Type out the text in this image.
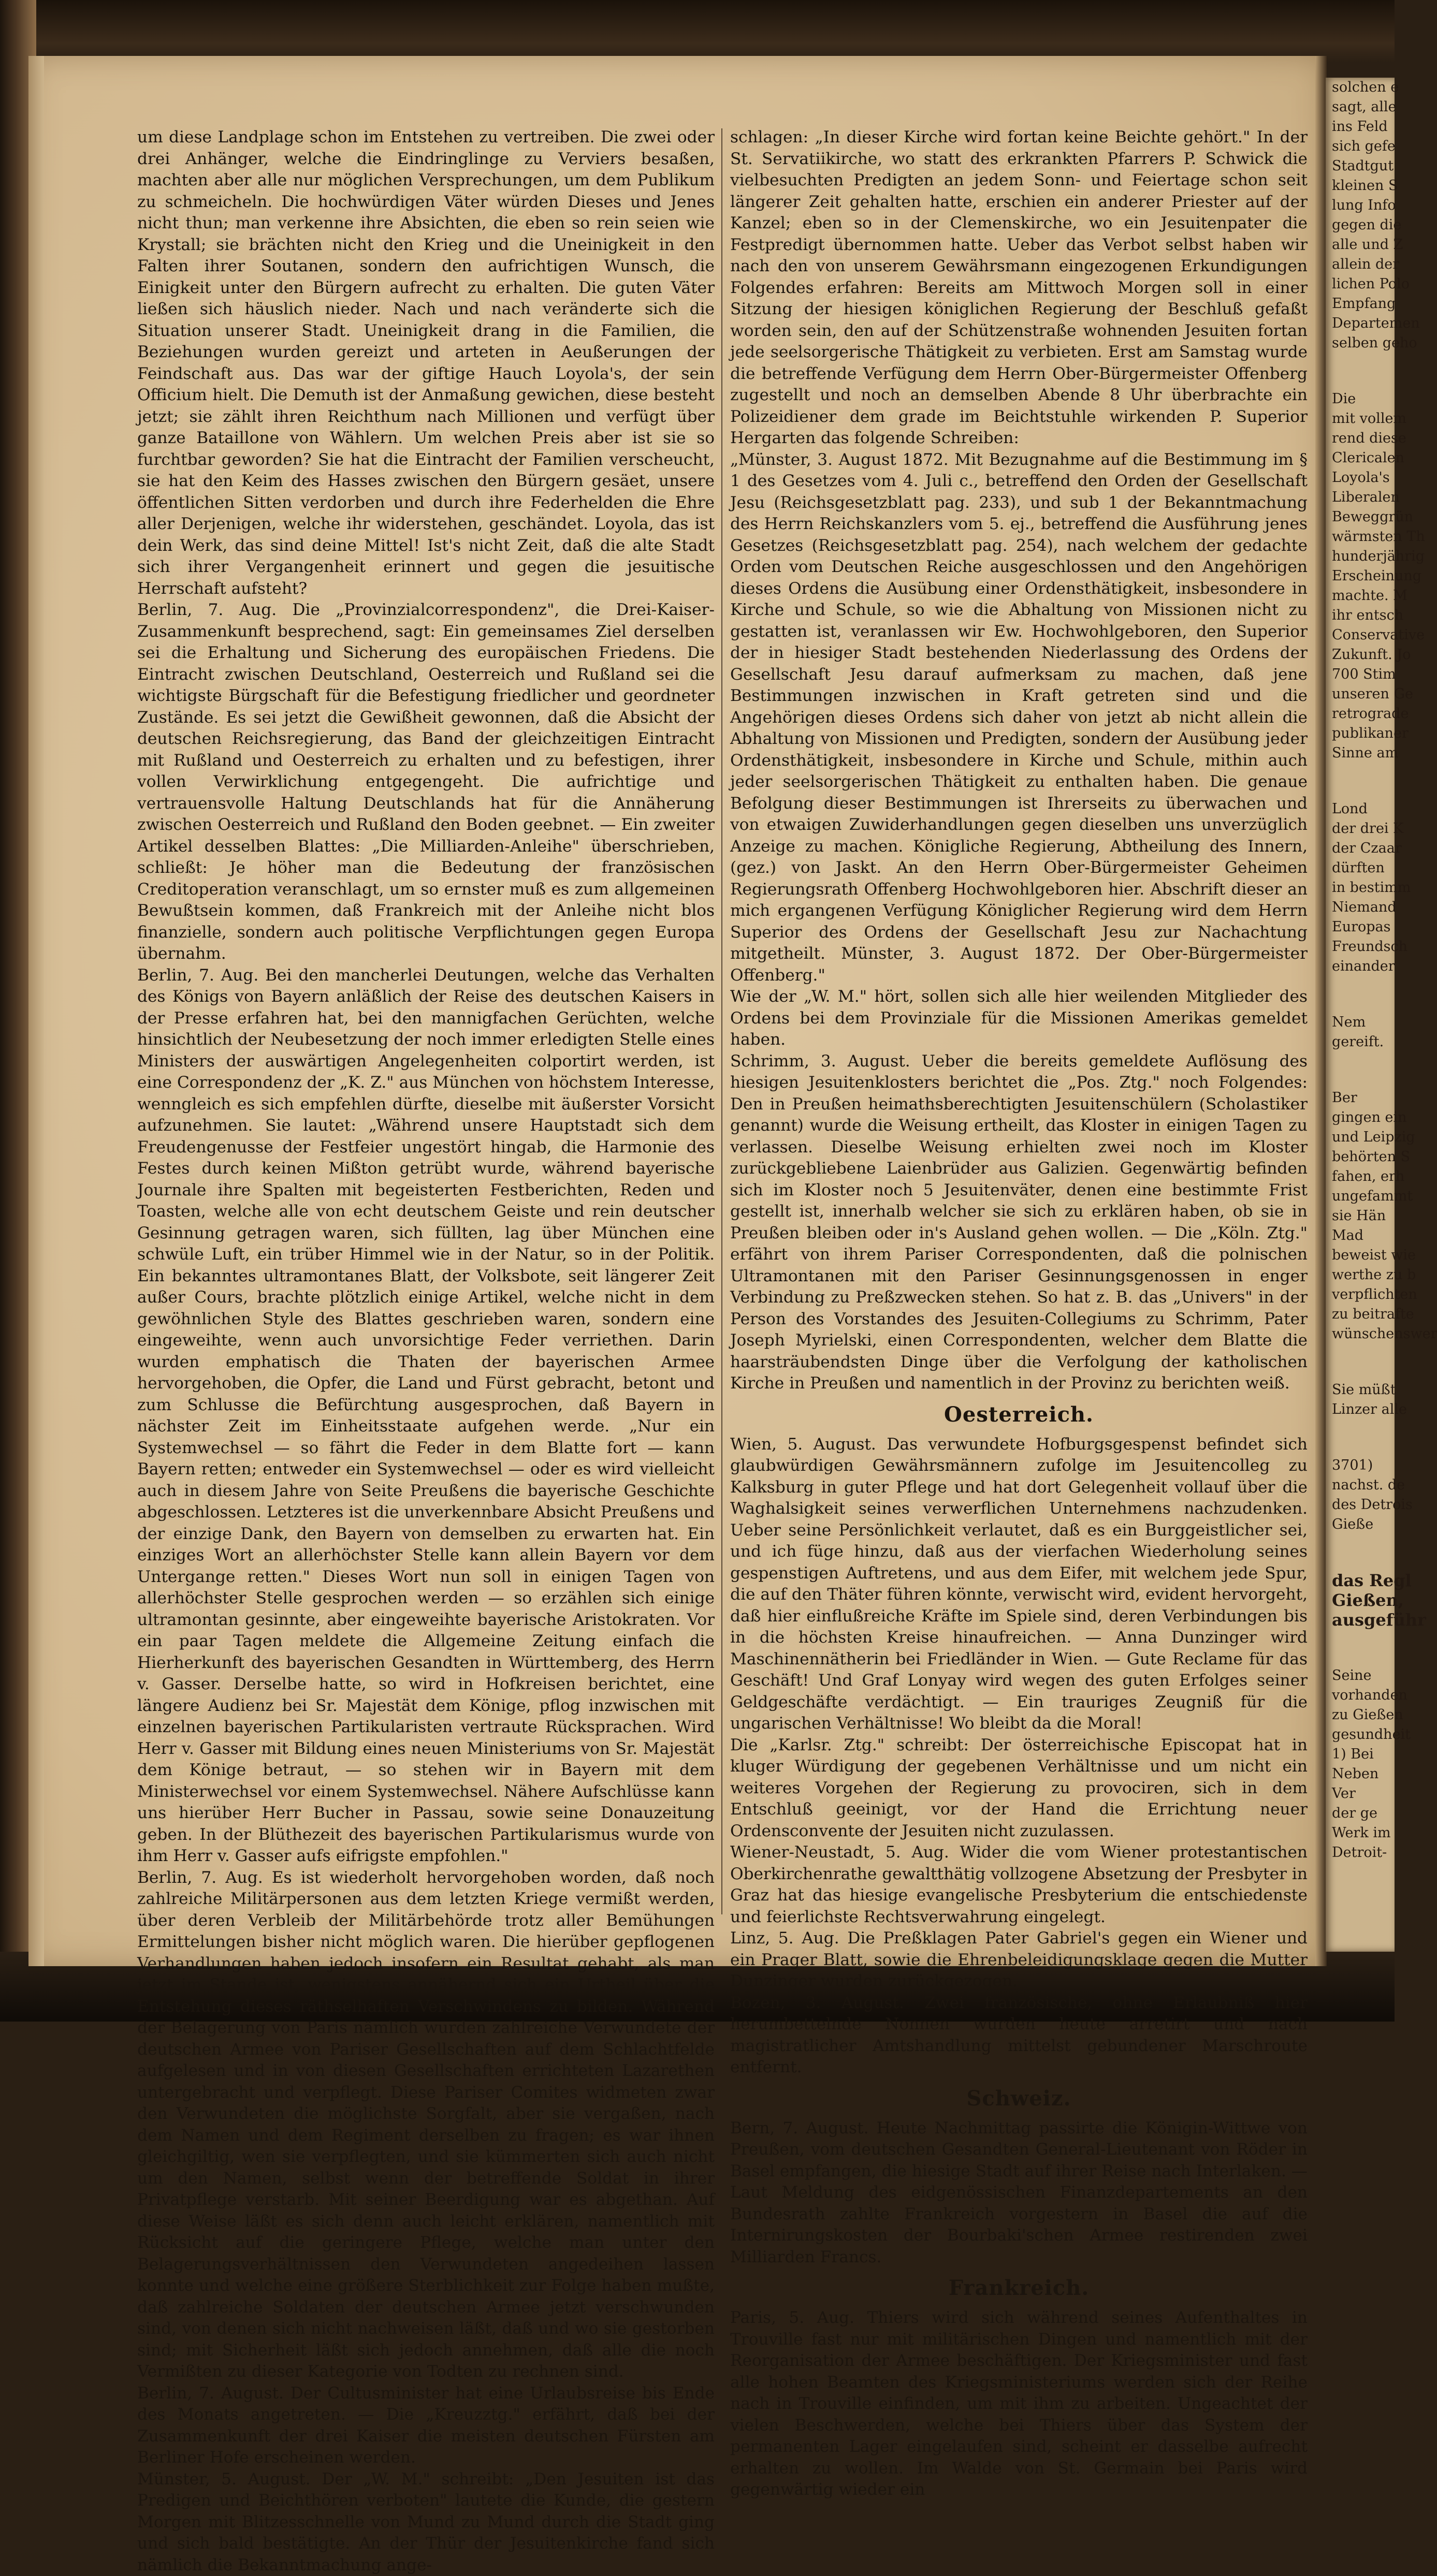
um diese Landplage schon im Entstehen zu vertreiben. Die zwei oder drei Anhänger, welche die Eindringlinge zu Verviers besaßen, machten aber alle nur möglichen Versprechungen, um dem Publikum zu schmeicheln. Die hochwürdigen Väter würden Dieses und Jenes nicht thun; man verkenne ihre Absichten, die eben so rein seien wie Krystall; sie brächten nicht den Krieg und die Uneinigkeit in den Falten ihrer Soutanen, sondern den aufrichtigen Wunsch, die Einigkeit unter den Bürgern aufrecht zu erhalten. Die guten Väter ließen sich häuslich nieder. Nach und nach veränderte sich die Situation unserer Stadt. Uneinigkeit drang in die Familien, die Beziehungen wurden gereizt und arteten in Aeußerungen der Feindschaft aus. Das war der giftige Hauch Loyola's, der sein Officium hielt. Die Demuth ist der Anmaßung gewichen, diese besteht jetzt; sie zählt ihren Reichthum nach Millionen und verfügt über ganze Bataillone von Wählern. Um welchen Preis aber ist sie so furchtbar geworden? Sie hat die Eintracht der Familien verscheucht, sie hat den Keim des Hasses zwischen den Bürgern gesäet, unsere öffentlichen Sitten verdorben und durch ihre Federhelden die Ehre aller Derjenigen, welche ihr widerstehen, geschändet. Loyola, das ist dein Werk, das sind deine Mittel! Ist's nicht Zeit, daß die alte Stadt sich ihrer Vergangenheit erinnert und gegen die jesuitische Herrschaft aufsteht?

Berlin, 7. Aug. Die „Provinzialcorrespondenz", die Drei-Kaiser-Zusammenkunft besprechend, sagt: Ein gemeinsames Ziel derselben sei die Erhaltung und Sicherung des europäischen Friedens. Die Eintracht zwischen Deutschland, Oesterreich und Rußland sei die wichtigste Bürgschaft für die Befestigung friedlicher und geordneter Zustände. Es sei jetzt die Gewißheit gewonnen, daß die Absicht der deutschen Reichsregierung, das Band der gleichzeitigen Eintracht mit Rußland und Oesterreich zu erhalten und zu befestigen, ihrer vollen Verwirklichung entgegengeht. Die aufrichtige und vertrauensvolle Haltung Deutschlands hat für die Annäherung zwischen Oesterreich und Rußland den Boden geebnet. — Ein zweiter Artikel desselben Blattes: „Die Milliarden-Anleihe" überschrieben, schließt: Je höher man die Bedeutung der französischen Creditoperation veranschlagt, um so ernster muß es zum allgemeinen Bewußtsein kommen, daß Frankreich mit der Anleihe nicht blos finanzielle, sondern auch politische Verpflichtungen gegen Europa übernahm.

Berlin, 7. Aug. Bei den mancherlei Deutungen, welche das Verhalten des Königs von Bayern anläßlich der Reise des deutschen Kaisers in der Presse erfahren hat, bei den mannigfachen Gerüchten, welche hinsichtlich der Neubesetzung der noch immer erledigten Stelle eines Ministers der auswärtigen Angelegenheiten colportirt werden, ist eine Correspondenz der „K. Z." aus München von höchstem Interesse, wenngleich es sich empfehlen dürfte, dieselbe mit äußerster Vorsicht aufzunehmen. Sie lautet: „Während unsere Hauptstadt sich dem Freudengenusse der Festfeier ungestört hingab, die Harmonie des Festes durch keinen Mißton getrübt wurde, während bayerische Journale ihre Spalten mit begeisterten Festberichten, Reden und Toasten, welche alle von echt deutschem Geiste und rein deutscher Gesinnung getragen waren, sich füllten, lag über München eine schwüle Luft, ein trüber Himmel wie in der Natur, so in der Politik. Ein bekanntes ultramontanes Blatt, der Volksbote, seit längerer Zeit außer Cours, brachte plötzlich einige Artikel, welche nicht in dem gewöhnlichen Style des Blattes geschrieben waren, sondern eine eingeweihte, wenn auch unvorsichtige Feder verriethen. Darin wurden emphatisch die Thaten der bayerischen Armee hervorgehoben, die Opfer, die Land und Fürst gebracht, betont und zum Schlusse die Befürchtung ausgesprochen, daß Bayern in nächster Zeit im Einheitsstaate aufgehen werde. „Nur ein Systemwechsel — so fährt die Feder in dem Blatte fort — kann Bayern retten; entweder ein Systemwechsel — oder es wird vielleicht auch in diesem Jahre von Seite Preußens die bayerische Geschichte abgeschlossen. Letzteres ist die unverkennbare Absicht Preußens und der einzige Dank, den Bayern von demselben zu erwarten hat. Ein einziges Wort an allerhöchster Stelle kann allein Bayern vor dem Untergange retten." Dieses Wort nun soll in einigen Tagen von allerhöchster Stelle gesprochen werden — so erzählen sich einige ultramontan gesinnte, aber eingeweihte bayerische Aristokraten. Vor ein paar Tagen meldete die Allgemeine Zeitung einfach die Hierherkunft des bayerischen Gesandten in Württemberg, des Herrn v. Gasser. Derselbe hatte, so wird in Hofkreisen berichtet, eine längere Audienz bei Sr. Majestät dem Könige, pflog inzwischen mit einzelnen bayerischen Partikularisten vertraute Rücksprachen. Wird Herr v. Gasser mit Bildung eines neuen Ministeriums von Sr. Majestät dem Könige betraut, — so stehen wir in Bayern mit dem Ministerwechsel vor einem Systemwechsel. Nähere Aufschlüsse kann uns hierüber Herr Bucher in Passau, sowie seine Donauzeitung geben. In der Blüthezeit des bayerischen Partikularismus wurde von ihm Herr v. Gasser aufs eifrigste empfohlen."

Berlin, 7. Aug. Es ist wiederholt hervorgehoben worden, daß noch zahlreiche Militärpersonen aus dem letzten Kriege vermißt werden, über deren Verbleib der Militärbehörde trotz aller Bemühungen Ermittelungen bisher nicht möglich waren. Die hierüber gepflogenen Verhandlungen haben jedoch insofern ein Resultat gehabt, als man jetzt im Stande ist, wenigstens annähernd sich ein Urtheil über die Entstehung dieses räthselhaften Verschwindens zu bilden. Während der Belagerung von Paris nämlich wurden zahlreiche Verwundete der deutschen Armee von Pariser Gesellschaften auf dem Schlachtfelde aufgelesen und in von diesen Gesellschaften errichteten Lazarethen untergebracht und verpflegt. Diese Pariser Comites widmeten zwar den Verwundeten die möglichste Sorgfalt, aber sie vergaßen, nach dem Namen und dem Regiment derselben zu fragen; es war ihnen gleichgiltig, wen sie verpflegten, und sie kümmerten sich auch nicht um den Namen, selbst wenn der betreffende Soldat in ihrer Privatpflege verstarb. Mit seiner Beerdigung war es abgethan. Auf diese Weise läßt es sich denn auch leicht erklären, namentlich mit Rücksicht auf die geringere Pflege, welche man unter den Belagerungsverhältnissen den Verwundeten angedeihen lassen konnte und welche eine größere Sterblichkeit zur Folge haben mußte, daß zahlreiche Soldaten der deutschen Armee jetzt verschwunden sind, von denen sich nicht nachweisen läßt, daß und wo sie gestorben sind; mit Sicherheit läßt sich jedoch annehmen, daß alle die noch Vermißten zu dieser Kategorie von Todten zu rechnen sind.

Berlin, 7. August. Der Cultusminister hat eine Urlaubsreise bis Ende des Monats angetreten. — Die „Kreuzztg." erfährt, daß bei der Zusammenkunft der drei Kaiser die meisten deutschen Fürsten am Berliner Hofe erscheinen werden.

Münster, 5. August. Der „W. M." schreibt: „Den Jesuiten ist das Predigen und Beichthören verboten" lautete die Kunde, die gestern Morgen mit Blitzesschnelle von Mund zu Mund durch die Stadt ging und sich bald bestätigte. An der Thür der Jesuitenkirche fand sich nämlich die Bekanntmachung ange-

schlagen: „In dieser Kirche wird fortan keine Beichte gehört." In der St. Servatiikirche, wo statt des erkrankten Pfarrers P. Schwick die vielbesuchten Predigten an jedem Sonn- und Feiertage schon seit längerer Zeit gehalten hatte, erschien ein anderer Priester auf der Kanzel; eben so in der Clemenskirche, wo ein Jesuitenpater die Festpredigt übernommen hatte. Ueber das Verbot selbst haben wir nach den von unserem Gewährsmann eingezogenen Erkundigungen Folgendes erfahren: Bereits am Mittwoch Morgen soll in einer Sitzung der hiesigen königlichen Regierung der Beschluß gefaßt worden sein, den auf der Schützenstraße wohnenden Jesuiten fortan jede seelsorgerische Thätigkeit zu verbieten. Erst am Samstag wurde die betreffende Verfügung dem Herrn Ober-Bürgermeister Offenberg zugestellt und noch an demselben Abende 8 Uhr überbrachte ein Polizeidiener dem grade im Beichtstuhle wirkenden P. Superior Hergarten das folgende Schreiben:

„Münster, 3. August 1872. Mit Bezugnahme auf die Bestimmung im § 1 des Gesetzes vom 4. Juli c., betreffend den Orden der Gesellschaft Jesu (Reichsgesetzblatt pag. 233), und sub 1 der Bekanntmachung des Herrn Reichskanzlers vom 5. ej., betreffend die Ausführung jenes Gesetzes (Reichsgesetzblatt pag. 254), nach welchem der gedachte Orden vom Deutschen Reiche ausgeschlossen und den Angehörigen dieses Ordens die Ausübung einer Ordensthätigkeit, insbesondere in Kirche und Schule, so wie die Abhaltung von Missionen nicht zu gestatten ist, veranlassen wir Ew. Hochwohlgeboren, den Superior der in hiesiger Stadt bestehenden Niederlassung des Ordens der Gesellschaft Jesu darauf aufmerksam zu machen, daß jene Bestimmungen inzwischen in Kraft getreten sind und die Angehörigen dieses Ordens sich daher von jetzt ab nicht allein die Abhaltung von Missionen und Predigten, sondern der Ausübung jeder Ordensthätigkeit, insbesondere in Kirche und Schule, mithin auch jeder seelsorgerischen Thätigkeit zu enthalten haben. Die genaue Befolgung dieser Bestimmungen ist Ihrerseits zu überwachen und von etwaigen Zuwiderhandlungen gegen dieselben uns unverzüglich Anzeige zu machen. Königliche Regierung, Abtheilung des Innern, (gez.) von Jaskt. An den Herrn Ober-Bürgermeister Geheimen Regierungsrath Offenberg Hochwohlgeboren hier. Abschrift dieser an mich ergangenen Verfügung Königlicher Regierung wird dem Herrn Superior des Ordens der Gesellschaft Jesu zur Nachachtung mitgetheilt. Münster, 3. August 1872. Der Ober-Bürgermeister Offenberg."

Wie der „W. M." hört, sollen sich alle hier weilenden Mitglieder des Ordens bei dem Provinziale für die Missionen Amerikas gemeldet haben.

Schrimm, 3. August. Ueber die bereits gemeldete Auflösung des hiesigen Jesuitenklosters berichtet die „Pos. Ztg." noch Folgendes: Den in Preußen heimathsberechtigten Jesuitenschülern (Scholastiker genannt) wurde die Weisung ertheilt, das Kloster in einigen Tagen zu verlassen. Dieselbe Weisung erhielten zwei noch im Kloster zurückgebliebene Laienbrüder aus Galizien. Gegenwärtig befinden sich im Kloster noch 5 Jesuitenväter, denen eine bestimmte Frist gestellt ist, innerhalb welcher sie sich zu erklären haben, ob sie in Preußen bleiben oder in's Ausland gehen wollen. — Die „Köln. Ztg." erfährt von ihrem Pariser Correspondenten, daß die polnischen Ultramontanen mit den Pariser Gesinnungsgenossen in enger Verbindung zu Preßzwecken stehen. So hat z. B. das „Univers" in der Person des Vorstandes des Jesuiten-Collegiums zu Schrimm, Pater Joseph Myrielski, einen Correspondenten, welcher dem Blatte die haarsträubendsten Dinge über die Verfolgung der katholischen Kirche in Preußen und namentlich in der Provinz zu berichten weiß.

Oesterreich.

Wien, 5. August. Das verwundete Hofburgsgespenst befindet sich glaubwürdigen Gewährsmännern zufolge im Jesuitencolleg zu Kalksburg in guter Pflege und hat dort Gelegenheit vollauf über die Waghalsigkeit seines verwerflichen Unternehmens nachzudenken. Ueber seine Persönlichkeit verlautet, daß es ein Burggeistlicher sei, und ich füge hinzu, daß aus der vierfachen Wiederholung seines gespenstigen Auftretens, und aus dem Eifer, mit welchem jede Spur, die auf den Thäter führen könnte, verwischt wird, evident hervorgeht, daß hier einflußreiche Kräfte im Spiele sind, deren Verbindungen bis in die höchsten Kreise hinaufreichen. — Anna Dunzinger wird Maschinennätherin bei Friedländer in Wien. — Gute Reclame für das Geschäft! Und Graf Lonyay wird wegen des guten Erfolges seiner Geldgeschäfte verdächtigt. — Ein trauriges Zeugniß für die ungarischen Verhältnisse! Wo bleibt da die Moral!

Die „Karlsr. Ztg." schreibt: Der österreichische Episcopat hat in kluger Würdigung der gegebenen Verhältnisse und um nicht ein weiteres Vorgehen der Regierung zu provociren, sich in dem Entschluß geeinigt, vor der Hand die Errichtung neuer Ordensconvente der Jesuiten nicht zuzulassen.

Wiener-Neustadt, 5. Aug. Wider die vom Wiener protestantischen Oberkirchenrathe gewaltthätig vollzogene Absetzung der Presbyter in Graz hat das hiesige evangelische Presbyterium die entschiedenste und feierlichste Rechtsverwahrung eingelegt.

Linz, 5. Aug. Die Preßklagen Pater Gabriel's gegen ein Wiener und ein Prager Blatt, sowie die Ehrenbeleidigungsklage gegen die Mutter Dunzinger wurden zurückgezogen.

Bozen, 3. August. Zwei französische, ohne Erlaubniß hier herumbettelnde Nonnen wurden heute arretirt und nach magistratlicher Amtshandlung mittelst gebundener Marschroute entfernt.

Schweiz.

Bern, 7. August. Heute Nachmittag passirte die Königin-Wittwe von Preußen, vom deutschen Gesandten General-Lieutenant von Röder in Basel empfangen, die hiesige Stadt auf ihrer Reise nach Interlaken. — Laut Meldung des eidgenössischen Finanzdepartements an den Bundesrath zahlte Frankreich vorgestern in Basel die auf die Internirungskosten der Bourbaki'schen Armee restirenden zwei Milliarden Francs.

Frankreich.

Paris, 5. Aug. Thiers wird sich während seines Aufenthaltes in Trouville fast nur mit militärischen Dingen und namentlich mit der Reorganisation der Armee beschäftigen. Der Kriegsminister und fast alle hohen Beamten des Kriegsministeriums werden sich der Reihe nach in Trouville einfinden, um mit ihm zu arbeiten. Ungeachtet der vielen Beschwerden, welche bei Thiers über das System der permanenten Lager eingelaufen sind, scheint er dasselbe aufrecht erhalten zu wollen. Im Walde von St. Germain bei Paris wird gegenwärtig wieder ein

solchen e
sagt, alle
ins Feld
sich gefe
Stadtgut
kleinen S
lung Info
gegen die
alle und Z
allein der
lichen Polo
Empfang
Departemen
selben geho
Die
mit vollem
rend diese
Clericalen
Loyola's
Liberalen
Beweggrün
wärmsten Th
hunderjährig
Erscheinung
machte. M
ihr entsch
Conservative
Zukunft. Jo
700 Stim
unseren Ge
retrograde
publikaner
Sinne am
Lond
der drei K
der Czaar
dürften
in bestimm
Niemand
Europas
Freundsch
einander
Nem
gereift.
Ber
gingen ein
und Leipzig
behörten S
fahen, erh
ungefammt
sie Hän
Mad
beweist wie
werthe zu b
verpflichten
zu beitrafte
wünschenswer
Sie müßt
Linzer alle
3701)
nachst. de
des Detrois
Gieße
das Regl
Gießen,
ausgeführ
Seine
vorhanden
zu Gießen
gesundheit
1) Bei
Neben
Ver
der ge
Werk im
Detroit-
